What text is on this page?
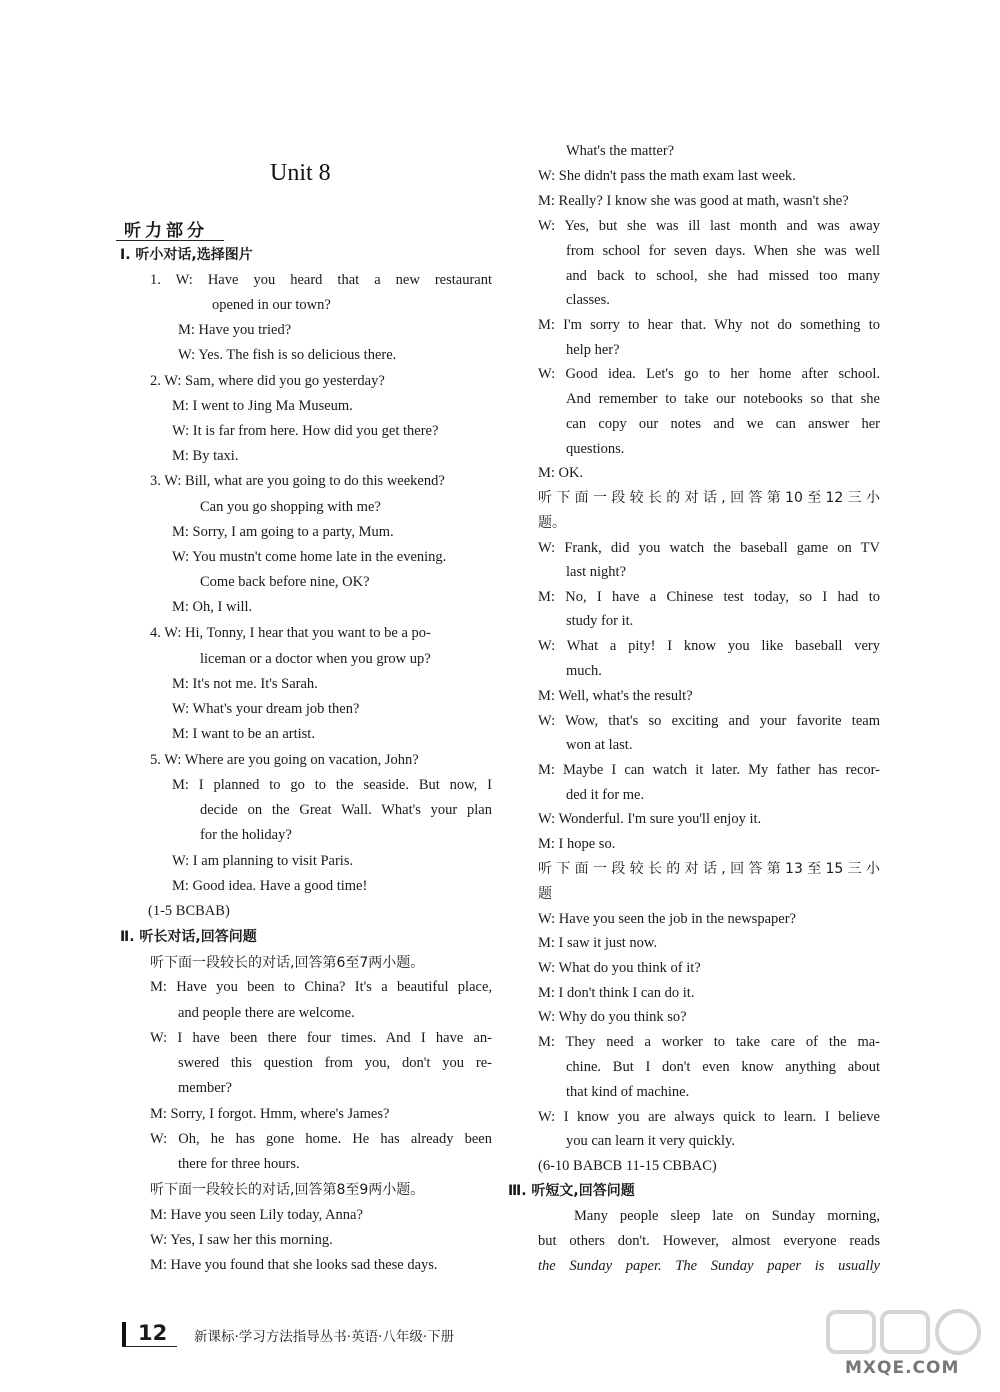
Unit 8
听力部分
Ⅰ. 听小对话,选择图片
1. W: Have you heard that a new restaurant
opened in our town?
M: Have you tried?
W: Yes. The fish is so delicious there.
2. W: Sam, where did you go yesterday?
M: I went to Jing Ma Museum.
W: It is far from here. How did you get there?
M: By taxi.
3. W: Bill, what are you going to do this weekend?
Can you go shopping with me?
M: Sorry, I am going to a party, Mum.
W: You mustn't come home late in the evening.
Come back before nine, OK?
M: Oh, I will.
4. W: Hi, Tonny, I hear that you want to be a po-
liceman or a doctor when you grow up?
M: It's not me. It's Sarah.
W: What's your dream job then?
M: I want to be an artist.
5. W: Where are you going on vacation, John?
M: I planned to go to the seaside. But now, I
decide on the Great Wall. What's your plan
for the holiday?
W: I am planning to visit Paris.
M: Good idea. Have a good time!
(1-5 BCBAB)
Ⅱ. 听长对话,回答问题
听下面一段较长的对话,回答第6至7两小题。
M: Have you been to China? It's a beautiful place,
and people there are welcome.
W: I have been there four times. And I have an-
swered this question from you, don't you re-
member?
M: Sorry, I forgot. Hmm, where's James?
W: Oh, he has gone home. He has already been
there for three hours.
听下面一段较长的对话,回答第8至9两小题。
M: Have you seen Lily today, Anna?
W: Yes, I saw her this morning.
M: Have you found that she looks sad these days.
What's the matter?
W: She didn't pass the math exam last week.
M: Really? I know she was good at math, wasn't she?
W: Yes, but she was ill last month and was away
from school for seven days. When she was well
and back to school, she had missed too many
classes.
M: I'm sorry to hear that. Why not do something to
help her?
W: Good idea. Let's go to her home after school.
And remember to take our notebooks so that she
can copy our notes and we can answer her
questions.
M: OK.
听下面一段较长的对话,回答第10至12三小
题。
W: Frank, did you watch the baseball game on TV
last night?
M: No, I have a Chinese test today, so I had to
study for it.
W: What a pity! I know you like baseball very
much.
M: Well, what's the result?
W: Wow, that's so exciting and your favorite team
won at last.
M: Maybe I can watch it later. My father has recor-
ded it for me.
W: Wonderful. I'm sure you'll enjoy it.
M: I hope so.
听下面一段较长的对话,回答第13至15三小
题
W: Have you seen the job in the newspaper?
M: I saw it just now.
W: What do you think of it?
M: I don't think I can do it.
W: Why do you think so?
M: They need a worker to take care of the ma-
chine. But I don't even know anything about
that kind of machine.
W: I know you are always quick to learn. I believe
you can learn it very quickly.
(6-10 BABCB 11-15 CBBAC)
Ⅲ. 听短文,回答问题
Many people sleep late on Sunday morning,
but others don't. However, almost everyone reads
the Sunday paper. The Sunday paper is usually
12 新课标·学习方法指导丛书·英语·八年级·下册
MXQE.COM
